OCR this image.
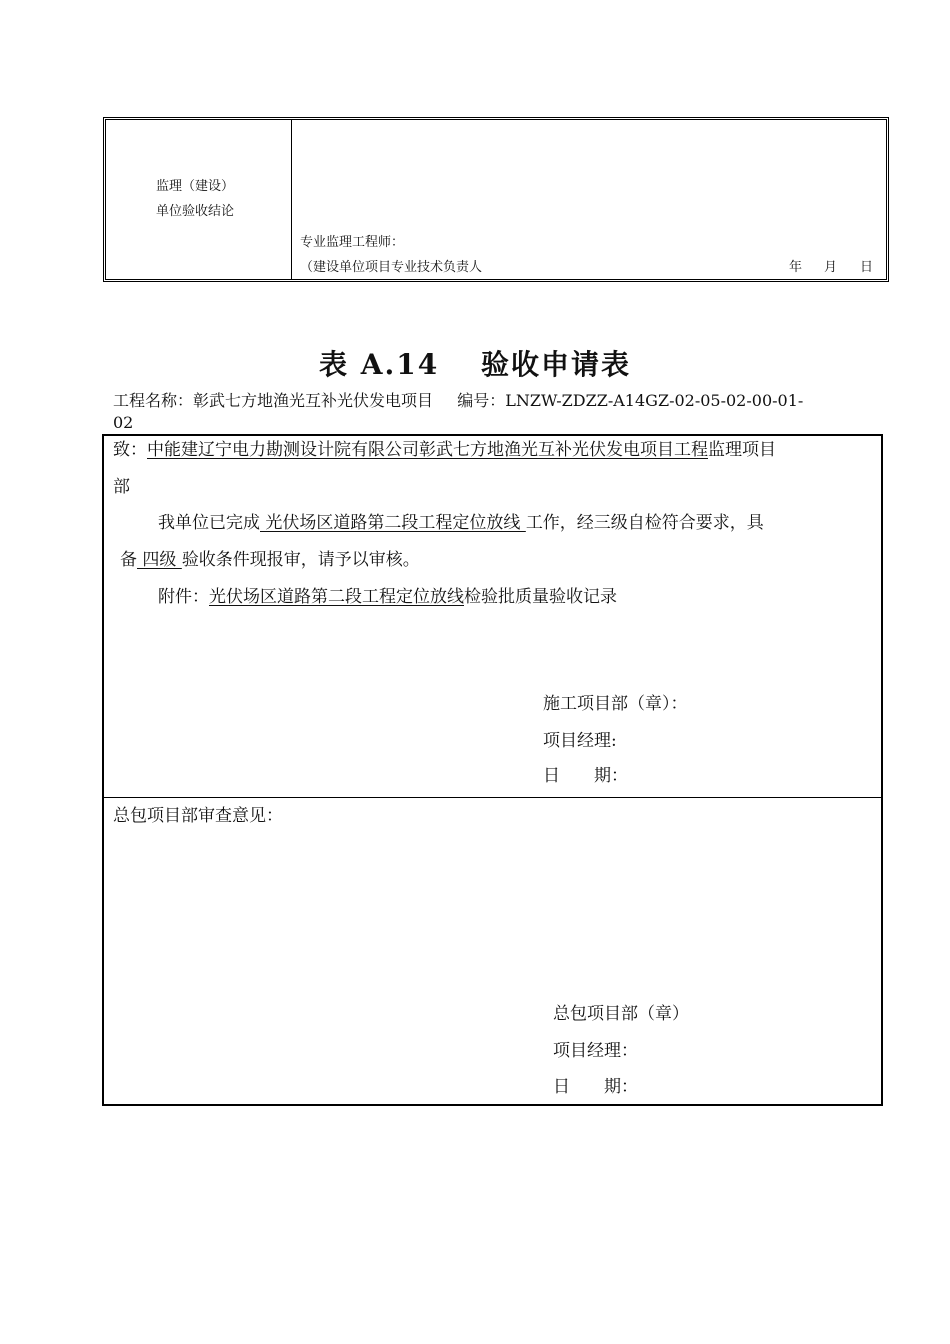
监理（建设）
单位验收结论
专业监理工程师：
（建设单位项目专业技术负责人	年 月 日
表 A.14　 验收申请表
工程名称：彰武七方地渔光互补光伏发电项目 编号：LNZW-ZDZZ-A14GZ-02-05-02-00-01-
02
致：中能建辽宁电力勘测设计院有限公司彰武七方地渔光互补光伏发电项目工程监理项目
部
我单位已完成 光伏场区道路第二段工程定位放线 工作，经三级自检符合要求，具
备 四级 验收条件现报审，请予以审核。
附件：光伏场区道路第二段工程定位放线检验批质量验收记录
施工项目部（章）：
项目经理:
日　　期：
总包项目部审查意见：
总包项目部（章）
项目经理：
日　　期：
